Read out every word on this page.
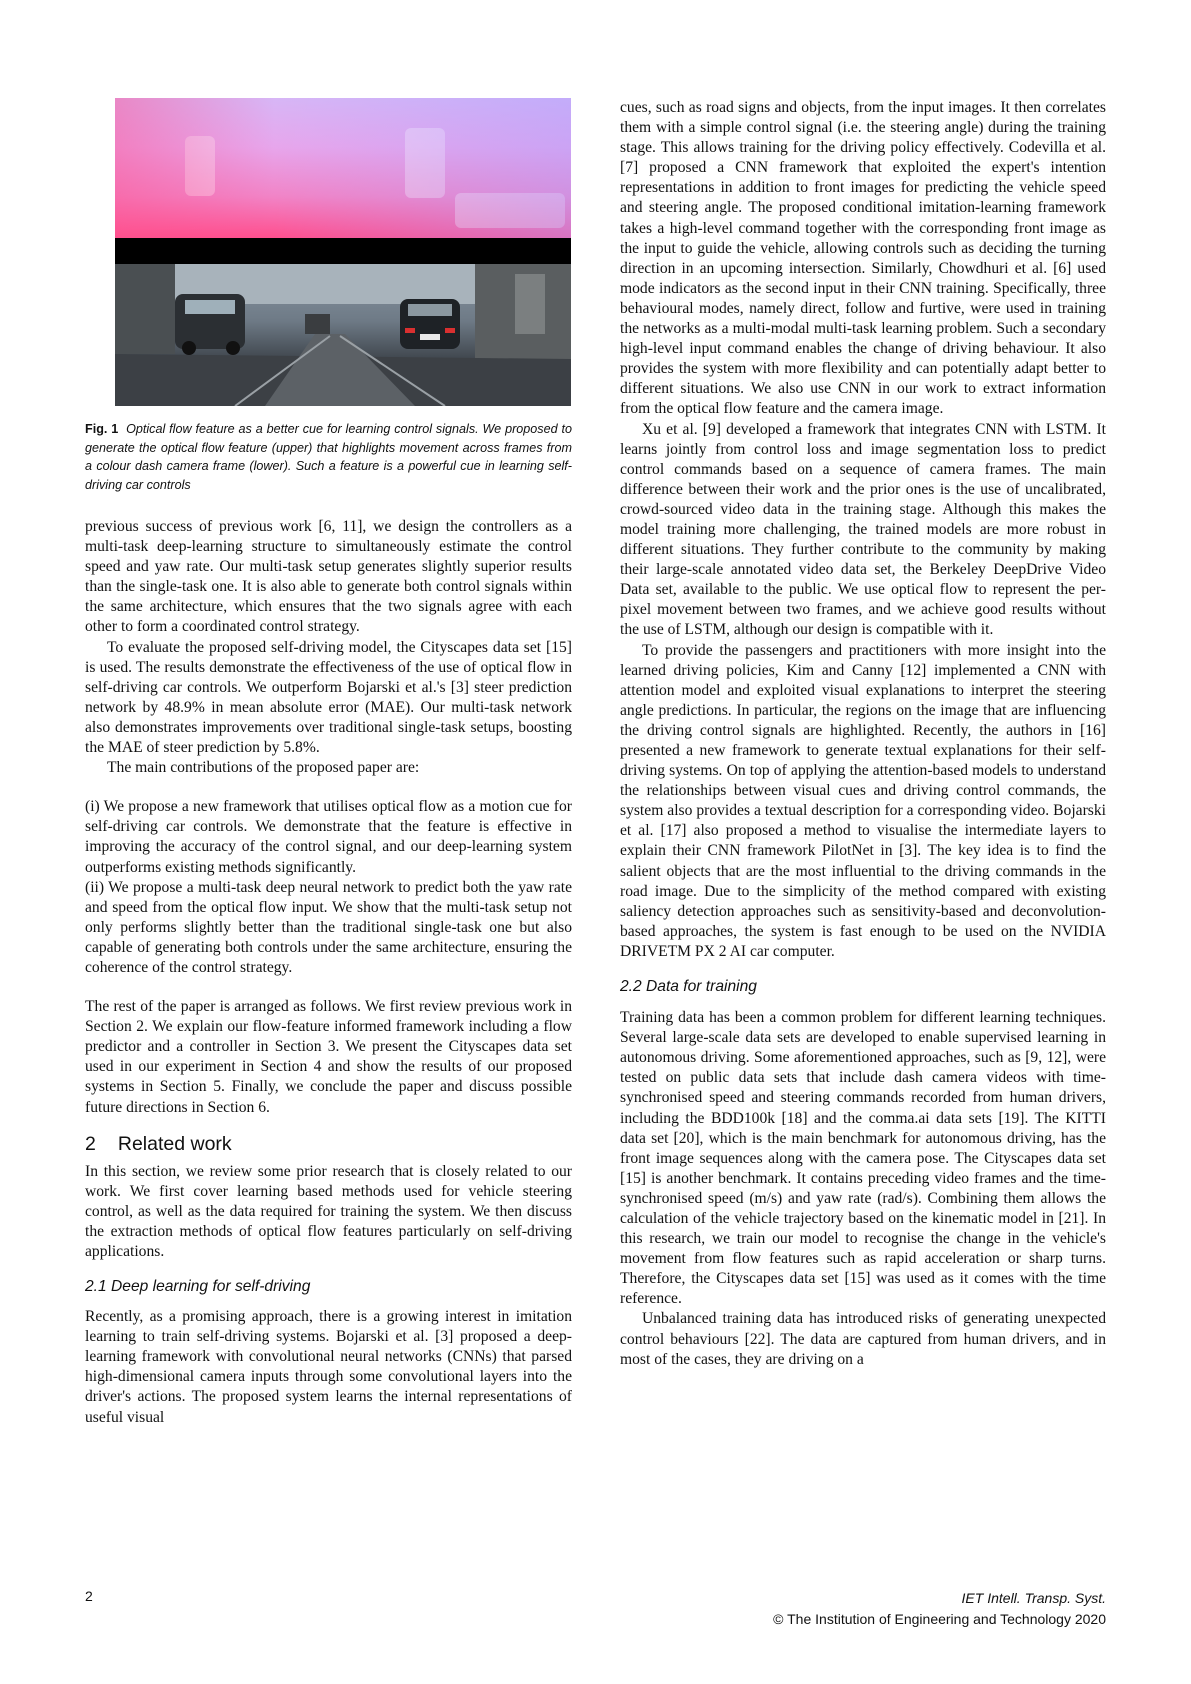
Fig. 1 Optical flow feature as a better cue for learning control signals. We proposed to generate the optical flow feature (upper) that highlights movement across frames from a colour dash camera frame (lower). Such a feature is a powerful cue in learning self-driving car controls

previous success of previous work [6, 11], we design the controllers as a multi-task deep-learning structure to simultaneously estimate the control speed and yaw rate. Our multi-task setup generates slightly superior results than the single-task one. It is also able to generate both control signals within the same architecture, which ensures that the two signals agree with each other to form a coordinated control strategy.

To evaluate the proposed self-driving model, the Cityscapes data set [15] is used. The results demonstrate the effectiveness of the use of optical flow in self-driving car controls. We outperform Bojarski et al.'s [3] steer prediction network by 48.9% in mean absolute error (MAE). Our multi-task network also demonstrates improvements over traditional single-task setups, boosting the MAE of steer prediction by 5.8%.

The main contributions of the proposed paper are:

(i) We propose a new framework that utilises optical flow as a motion cue for self-driving car controls. We demonstrate that the feature is effective in improving the accuracy of the control signal, and our deep-learning system outperforms existing methods significantly.

(ii) We propose a multi-task deep neural network to predict both the yaw rate and speed from the optical flow input. We show that the multi-task setup not only performs slightly better than the traditional single-task one but also capable of generating both controls under the same architecture, ensuring the coherence of the control strategy.

The rest of the paper is arranged as follows. We first review previous work in Section 2. We explain our flow-feature informed framework including a flow predictor and a controller in Section 3. We present the Cityscapes data set used in our experiment in Section 4 and show the results of our proposed systems in Section 5. Finally, we conclude the paper and discuss possible future directions in Section 6.

2 Related work

In this section, we review some prior research that is closely related to our work. We first cover learning based methods used for vehicle steering control, as well as the data required for training the system. We then discuss the extraction methods of optical flow features particularly on self-driving applications.

2.1 Deep learning for self-driving

Recently, as a promising approach, there is a growing interest in imitation learning to train self-driving systems. Bojarski et al. [3] proposed a deep-learning framework with convolutional neural networks (CNNs) that parsed high-dimensional camera inputs through some convolutional layers into the driver's actions. The proposed system learns the internal representations of useful visual

cues, such as road signs and objects, from the input images. It then correlates them with a simple control signal (i.e. the steering angle) during the training stage. This allows training for the driving policy effectively. Codevilla et al. [7] proposed a CNN framework that exploited the expert's intention representations in addition to front images for predicting the vehicle speed and steering angle. The proposed conditional imitation-learning framework takes a high-level command together with the corresponding front image as the input to guide the vehicle, allowing controls such as deciding the turning direction in an upcoming intersection. Similarly, Chowdhuri et al. [6] used mode indicators as the second input in their CNN training. Specifically, three behavioural modes, namely direct, follow and furtive, were used in training the networks as a multi-modal multi-task learning problem. Such a secondary high-level input command enables the change of driving behaviour. It also provides the system with more flexibility and can potentially adapt better to different situations. We also use CNN in our work to extract information from the optical flow feature and the camera image.

Xu et al. [9] developed a framework that integrates CNN with LSTM. It learns jointly from control loss and image segmentation loss to predict control commands based on a sequence of camera frames. The main difference between their work and the prior ones is the use of uncalibrated, crowd-sourced video data in the training stage. Although this makes the model training more challenging, the trained models are more robust in different situations. They further contribute to the community by making their large-scale annotated video data set, the Berkeley DeepDrive Video Data set, available to the public. We use optical flow to represent the per-pixel movement between two frames, and we achieve good results without the use of LSTM, although our design is compatible with it.

To provide the passengers and practitioners with more insight into the learned driving policies, Kim and Canny [12] implemented a CNN with attention model and exploited visual explanations to interpret the steering angle predictions. In particular, the regions on the image that are influencing the driving control signals are highlighted. Recently, the authors in [16] presented a new framework to generate textual explanations for their self-driving systems. On top of applying the attention-based models to understand the relationships between visual cues and driving control commands, the system also provides a textual description for a corresponding video. Bojarski et al. [17] also proposed a method to visualise the intermediate layers to explain their CNN framework PilotNet in [3]. The key idea is to find the salient objects that are the most influential to the driving commands in the road image. Due to the simplicity of the method compared with existing saliency detection approaches such as sensitivity-based and deconvolution-based approaches, the system is fast enough to be used on the NVIDIA DRIVETM PX 2 AI car computer.

2.2 Data for training

Training data has been a common problem for different learning techniques. Several large-scale data sets are developed to enable supervised learning in autonomous driving. Some aforementioned approaches, such as [9, 12], were tested on public data sets that include dash camera videos with time-synchronised speed and steering commands recorded from human drivers, including the BDD100k [18] and the comma.ai data sets [19]. The KITTI data set [20], which is the main benchmark for autonomous driving, has the front image sequences along with the camera pose. The Cityscapes data set [15] is another benchmark. It contains preceding video frames and the time-synchronised speed (m/s) and yaw rate (rad/s). Combining them allows the calculation of the vehicle trajectory based on the kinematic model in [21]. In this research, we train our model to recognise the change in the vehicle's movement from flow features such as rapid acceleration or sharp turns. Therefore, the Cityscapes data set [15] was used as it comes with the time reference.

Unbalanced training data has introduced risks of generating unexpected control behaviours [22]. The data are captured from human drivers, and in most of the cases, they are driving on a

2	IET Intell. Transp. Syst.
© The Institution of Engineering and Technology 2020
